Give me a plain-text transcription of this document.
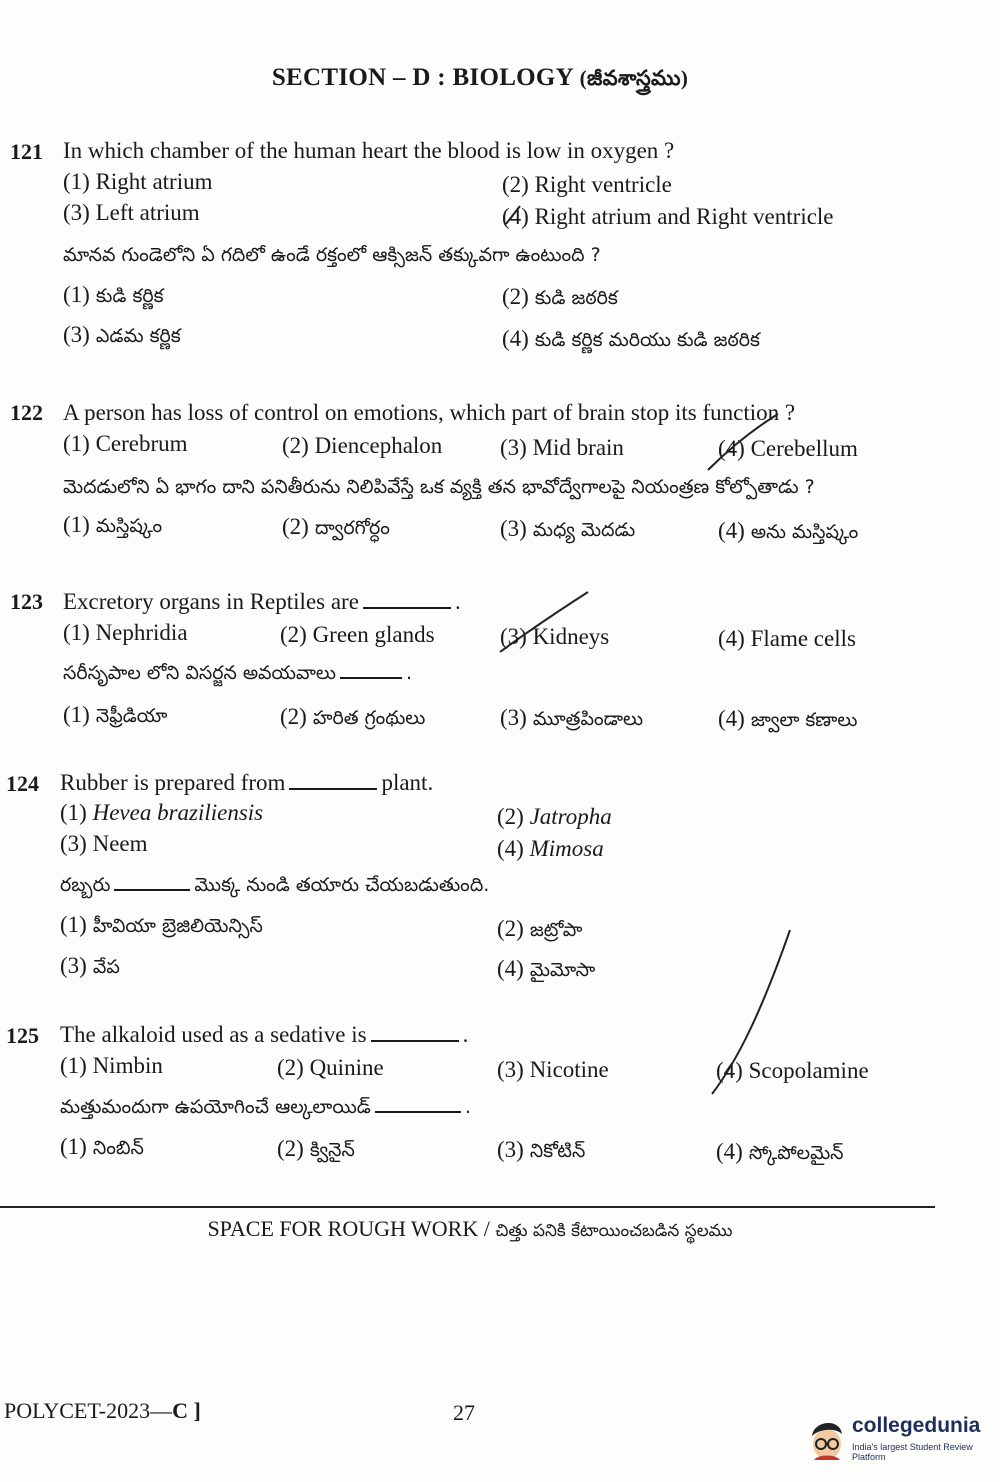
SECTION – D : BIOLOGY (జీవశాస్త్రము)
121 In which chamber of the human heart the blood is low in oxygen ?
(1) Right atrium	(2) Right ventricle
(3) Left atrium	(4) Right atrium and Right ventricle
మానవ గుండెలోని ఏ గదిలో ఉండే రక్తంలో ఆక్సిజన్ తక్కువగా ఉంటుంది ?
(1) కుడి కర్ణిక	(2) కుడి జఠరిక
(3) ఎడమ కర్ణిక	(4) కుడి కర్ణిక మరియు కుడి జఠరిక
122 A person has loss of control on emotions, which part of brain stop its function ?
(1) Cerebrum	(2) Diencephalon	(3) Mid brain	(4) Cerebellum
మెదడులోని ఏ భాగం దాని పనితీరును నిలిపివేస్తే ఒక వ్యక్తి తన భావోద్వేగాలపై నియంత్రణ కోల్పోతాడు ?
(1) మస్తిష్కం	(2) ద్వారగోర్ధం	(3) మధ్య మెదడు	(4) అను మస్తిష్కం
123 Excretory organs in Reptiles are	.
(1) Nephridia	(2) Green glands	(3) Kidneys	(4) Flame cells
సరీసృపాల లోని విసర్జన అవయవాలు	.
(1) నెఫ్రీడియా	(2) హరిత గ్రంథులు	(3) మూత్రపిండాలు	(4) జ్వాలా కణాలు
124 Rubber is prepared from	plant.
(1) Hevea braziliensis	(2) Jatropha
(3) Neem	(4) Mimosa
రబ్బరు	మొక్క నుండి తయారు చేయబడుతుంది.
(1) హీవియా బ్రెజిలియెన్సిస్	(2) జట్రోపా
(3) వేప	(4) మైమోసా
125 The alkaloid used as a sedative is	.
(1) Nimbin	(2) Quinine	(3) Nicotine	(4) Scopolamine
మత్తుమందుగా ఉపయోగించే ఆల్కలాయిడ్	.
(1) నింబిన్	(2) క్వినైన్	(3) నికోటిన్	(4) స్కోపోలమైన్
SPACE FOR ROUGH WORK / చిత్తు పనికి కేటాయించబడిన స్థలము
POLYCET-2023—C ]	27
collegedunia
India's largest Student Review Platform
